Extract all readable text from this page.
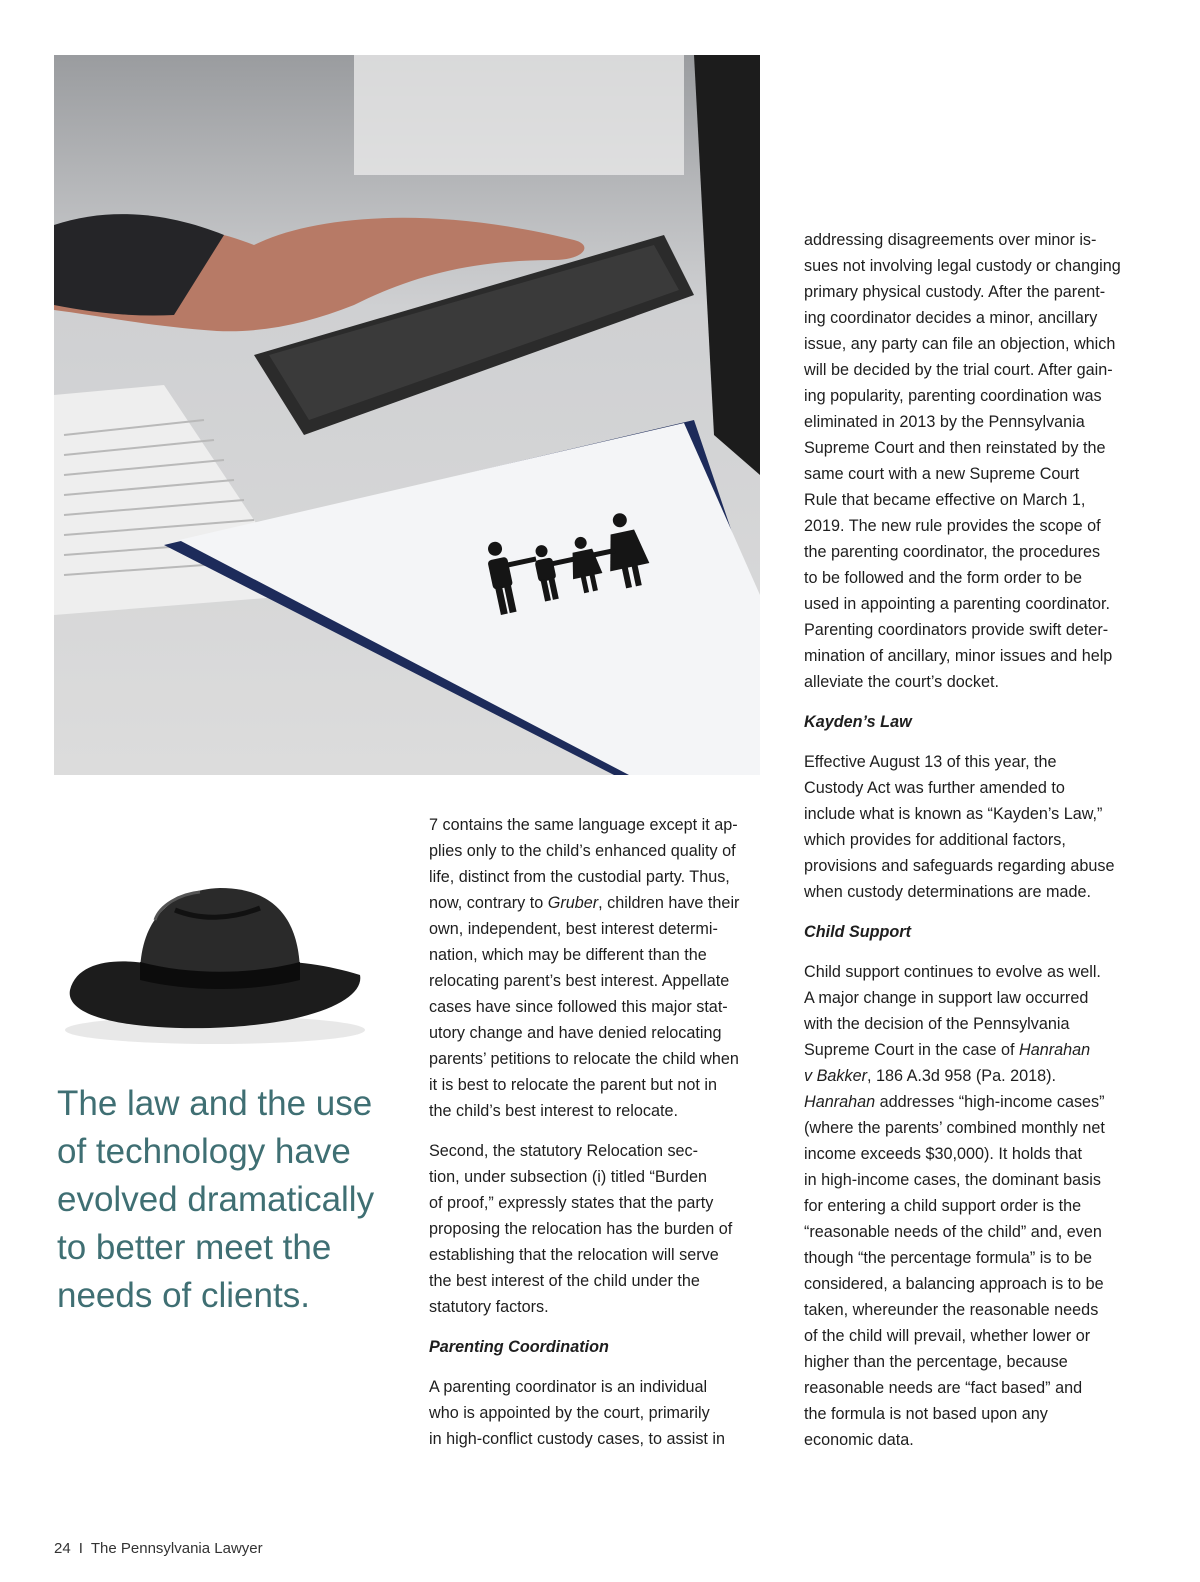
The law and the use
of technology have
evolved dramatically
to better meet the
needs of clients.

7 contains the same language except it ap-
plies only to the child’s enhanced quality of
life, distinct from the custodial party. Thus,
now, contrary to Gruber, children have their
own, independent, best interest determi-
nation, which may be different than the
relocating parent’s best interest. Appellate
cases have since followed this major stat-
utory change and have denied relocating
parents’ petitions to relocate the child when
it is best to relocate the parent but not in
the child’s best interest to relocate.

Second, the statutory Relocation sec-
tion, under subsection (i) titled “Burden
of proof,” expressly states that the party
proposing the relocation has the burden of
establishing that the relocation will serve
the best interest of the child under the
statutory factors.

Parenting Coordination

A parenting coordinator is an individual
who is appointed by the court, primarily
in high-conflict custody cases, to assist in

addressing disagreements over minor is-
sues not involving legal custody or changing
primary physical custody. After the parent-
ing coordinator decides a minor, ancillary
issue, any party can file an objection, which
will be decided by the trial court. After gain-
ing popularity, parenting coordination was
eliminated in 2013 by the Pennsylvania
Supreme Court and then reinstated by the
same court with a new Supreme Court
Rule that became effective on March 1,
2019. The new rule provides the scope of
the parenting coordinator, the procedures
to be followed and the form order to be
used in appointing a parenting coordinator.
Parenting coordinators provide swift deter-
mination of ancillary, minor issues and help
alleviate the court’s docket.

Kayden’s Law

Effective August 13 of this year, the
Custody Act was further amended to
include what is known as “Kayden’s Law,”
which provides for additional factors,
provisions and safeguards regarding abuse
when custody determinations are made.

Child Support

Child support continues to evolve as well.
A major change in support law occurred
with the decision of the Pennsylvania
Supreme Court in the case of Hanrahan
v Bakker, 186 A.3d 958 (Pa. 2018).
Hanrahan addresses “high-income cases”
(where the parents’ combined monthly net
income exceeds $30,000). It holds that
in high-income cases, the dominant basis
for entering a child support order is the
“reasonable needs of the child” and, even
though “the percentage formula” is to be
considered, a balancing approach is to be
taken, whereunder the reasonable needs
of the child will prevail, whether lower or
higher than the percentage, because
reasonable needs are “fact based” and
the formula is not based upon any
economic data.

24 I The Pennsylvania Lawyer
